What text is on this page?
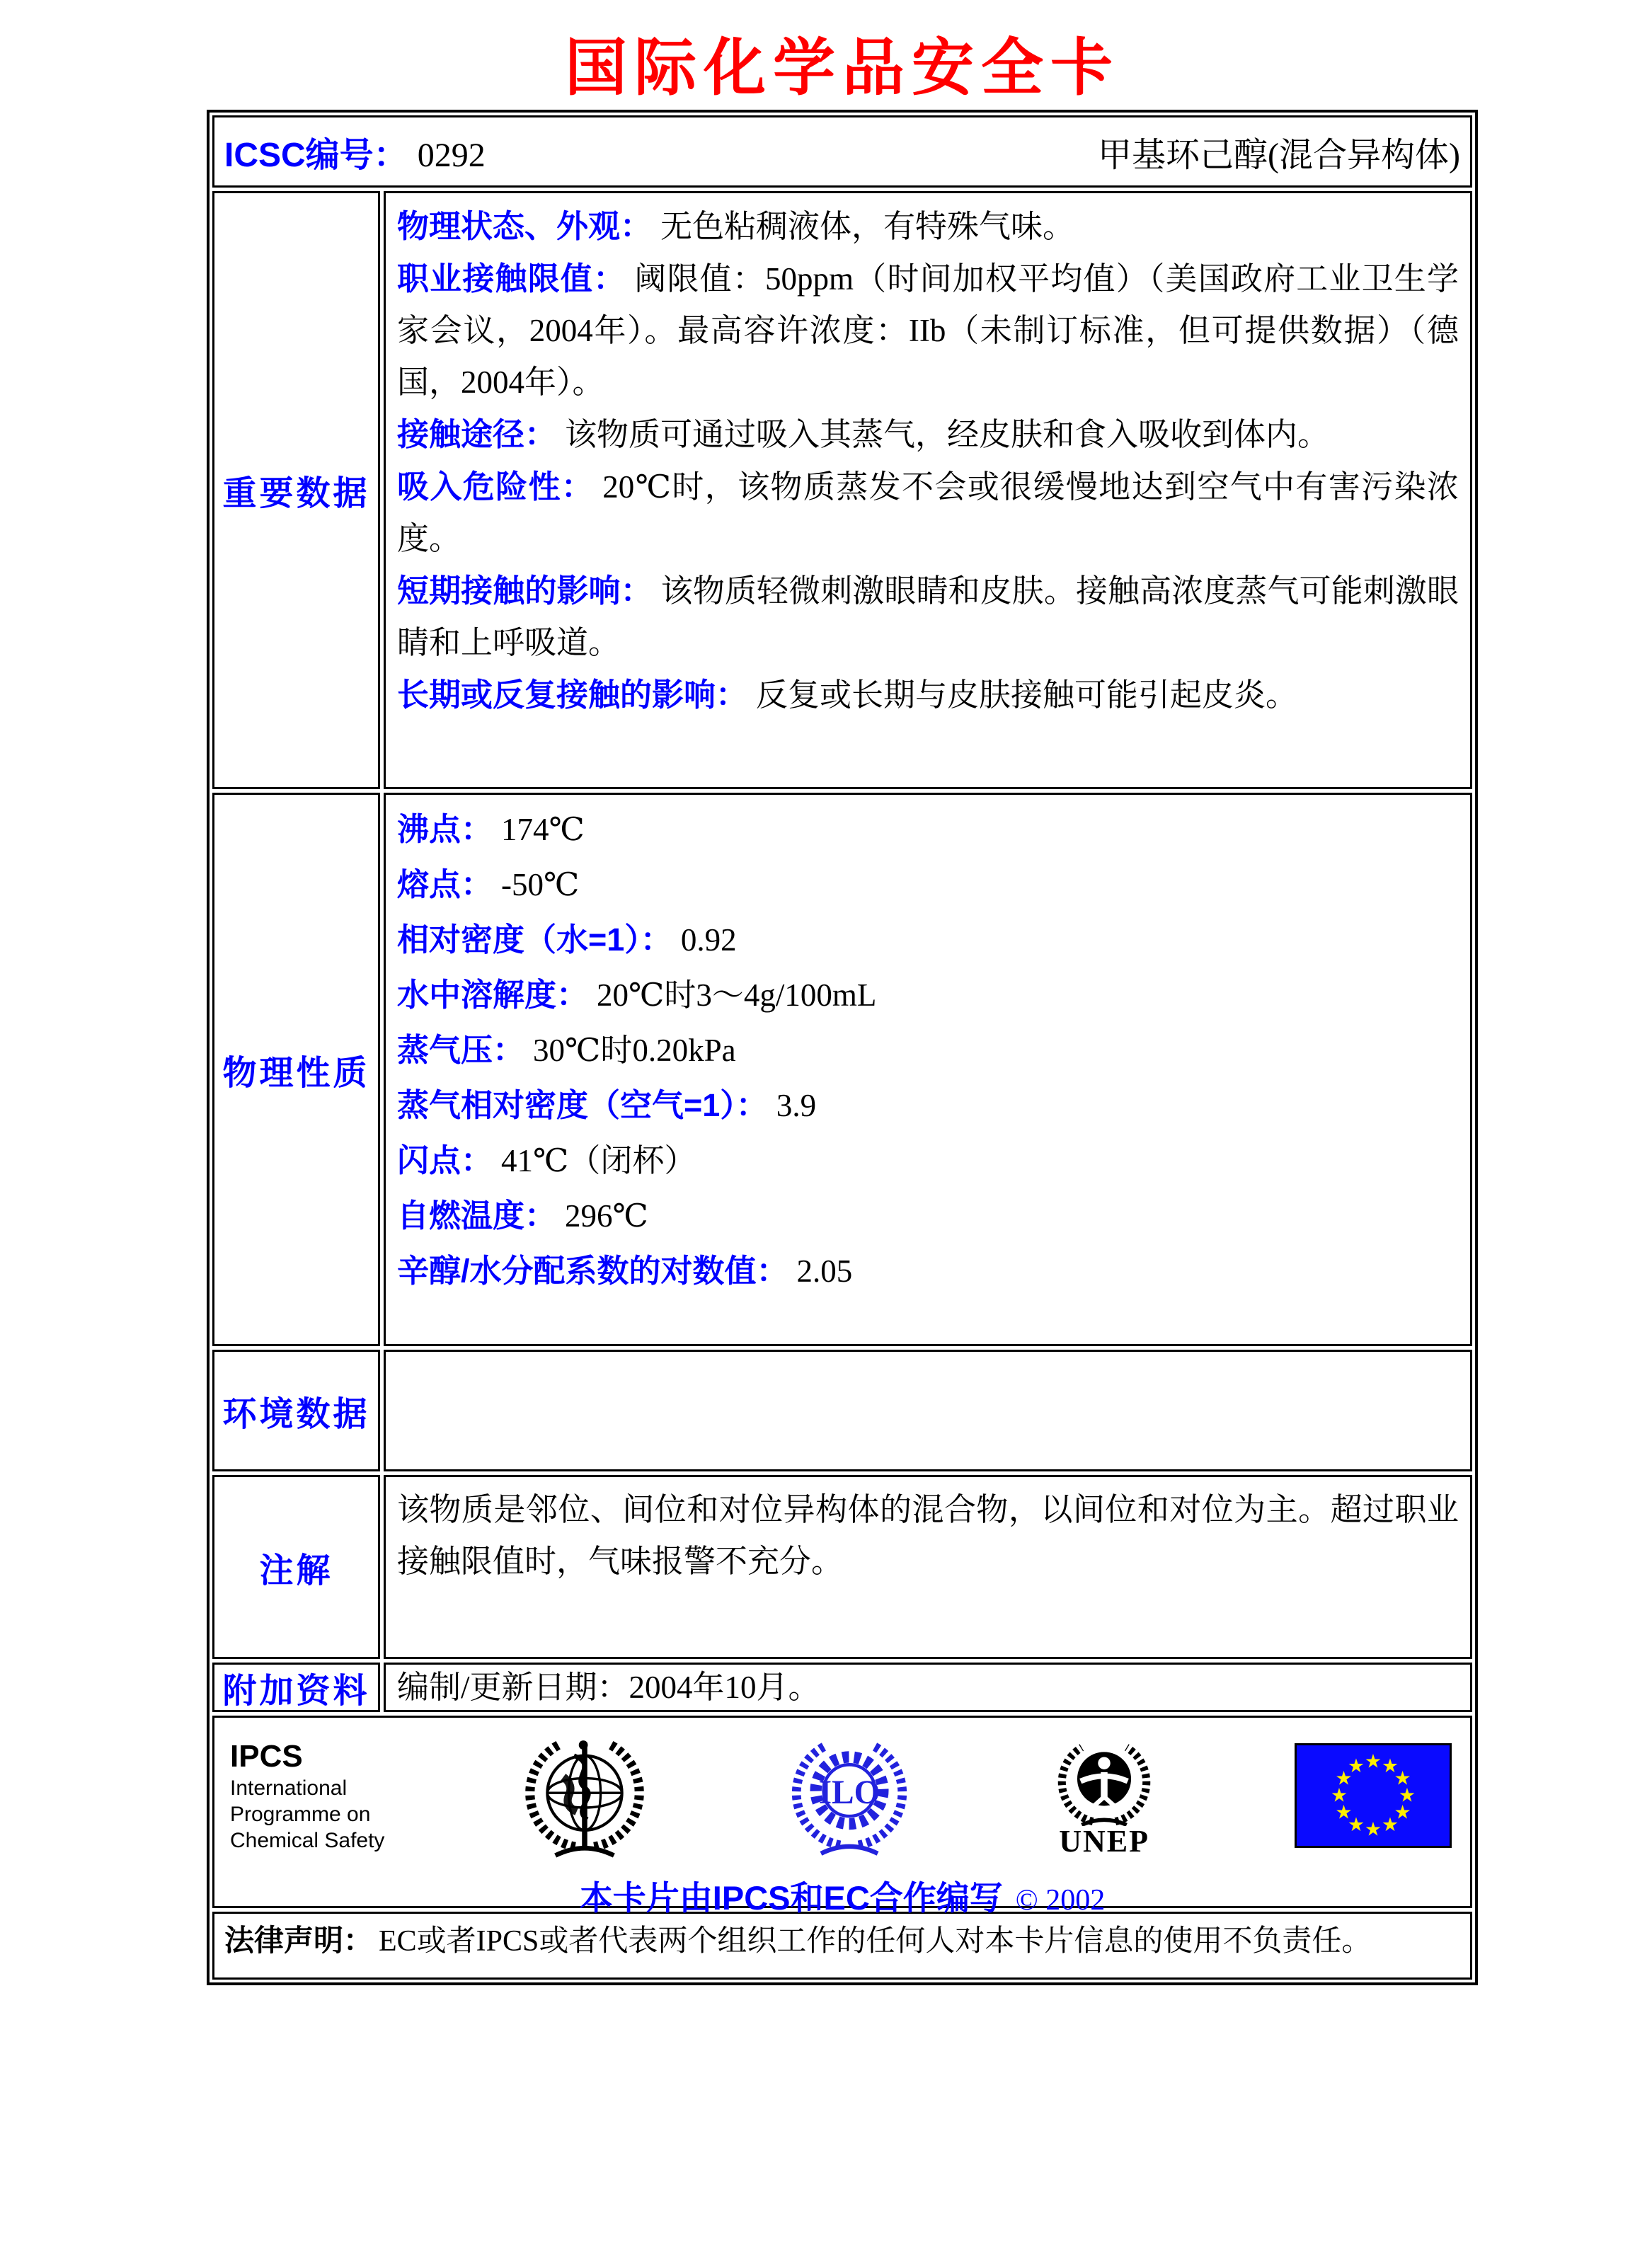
国际化学品安全卡
ICSC编号： 0292	甲基环己醇(混合异构体)
重要数据
物理状态、外观： 无色粘稠液体，有特殊气味。
职业接触限值： 阈限值：50ppm（时间加权平均值）（美国政府工业卫生学家会议，2004年）。最高容许浓度：IIb（未制订标准，但可提供数据）（德国，2004年）。
接触途径： 该物质可通过吸入其蒸气，经皮肤和食入吸收到体内。
吸入危险性： 20℃时，该物质蒸发不会或很缓慢地达到空气中有害污染浓度。
短期接触的影响： 该物质轻微刺激眼睛和皮肤。接触高浓度蒸气可能刺激眼睛和上呼吸道。
长期或反复接触的影响： 反复或长期与皮肤接触可能引起皮炎。
物理性质
沸点： 174℃
熔点： -50℃
相对密度（水=1）： 0.92
水中溶解度： 20℃时3～4g/100mL
蒸气压： 30℃时0.20kPa
蒸气相对密度（空气=1）： 3.9
闪点： 41℃（闭杯）
自燃温度： 296℃
辛醇/水分配系数的对数值： 2.05
环境数据
注解
该物质是邻位、间位和对位异构体的混合物，以间位和对位为主。超过职业接触限值时，气味报警不充分。
附加资料 编制/更新日期：2004年10月。
IPCS
International
Programme on
Chemical Safety
ILO
UNEP
★ ★
★
★
★
★
★
★
★
★
★
★
本卡片由IPCS和EC合作编写 © 2002
法律声明： EC或者IPCS或者代表两个组织工作的任何人对本卡片信息的使用不负责任。
